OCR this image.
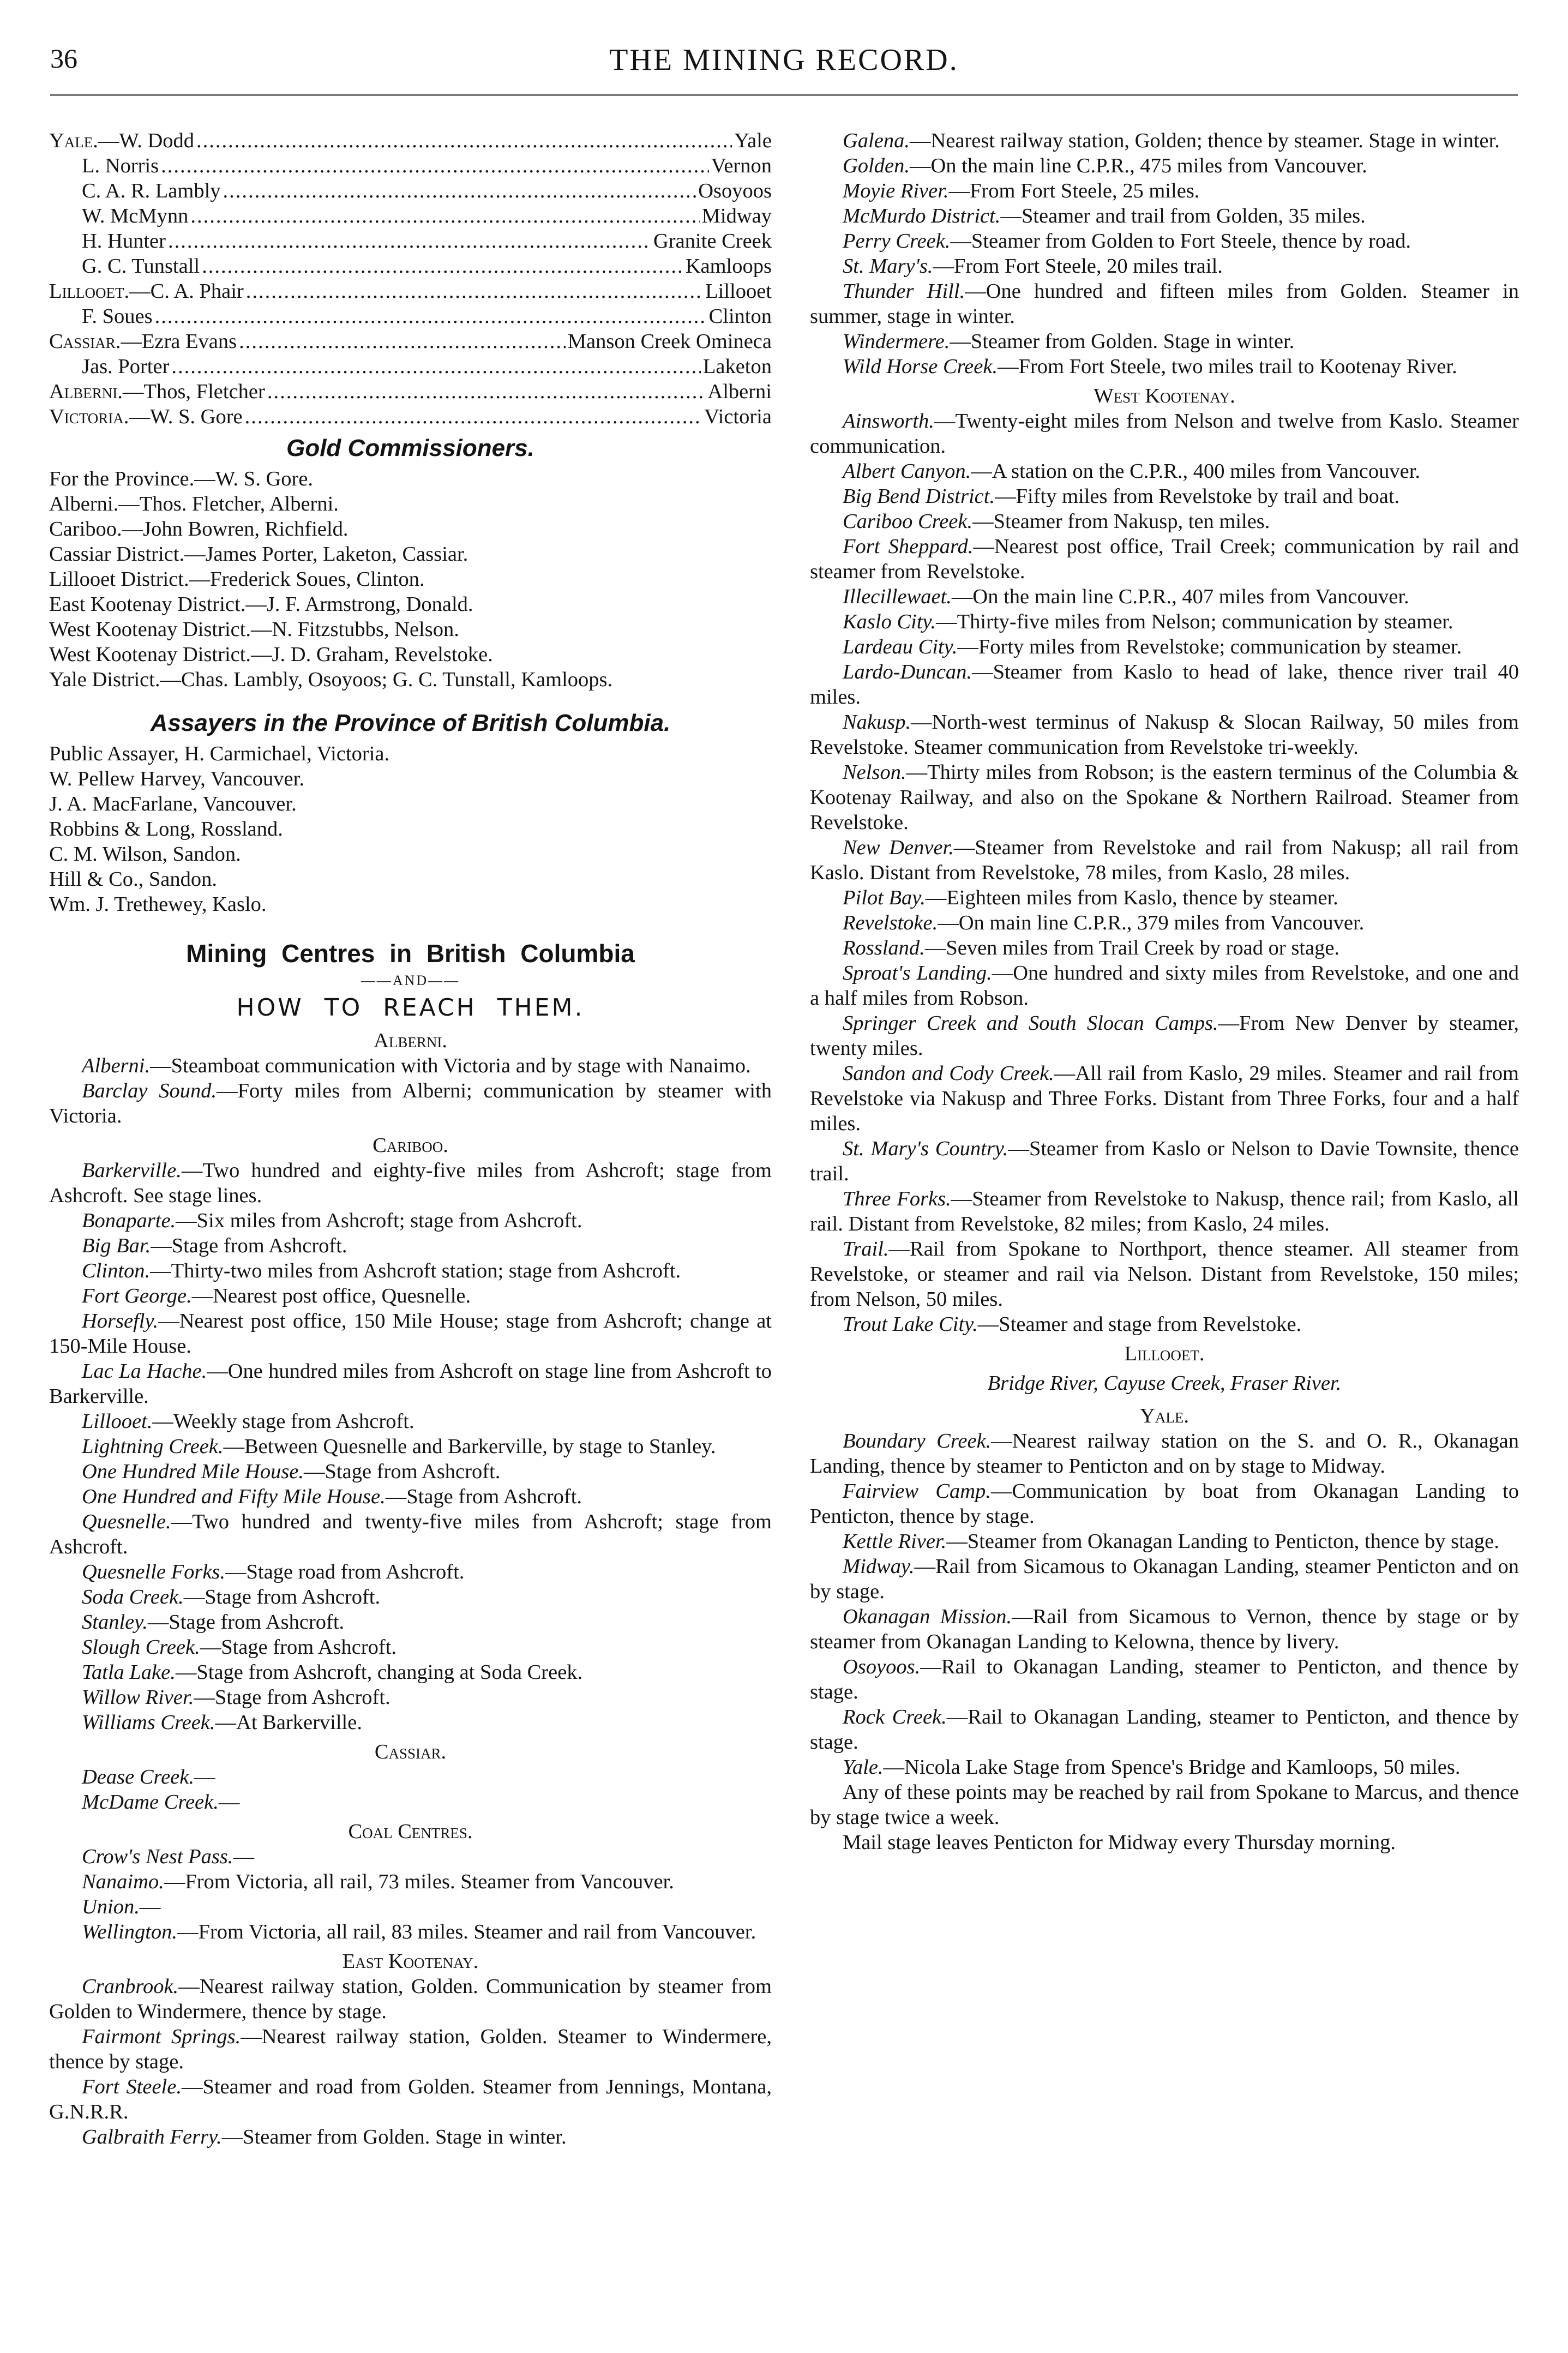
36	THE MINING RECORD.
Yale.—W. Dodd .....	Yale
L. Norris .....	Vernon
C. A. R. Lambly .....	Osoyoos
W. McMynn .....	Midway
H. Hunter .....	Granite Creek
G. C. Tunstall .....	Kamloops
Lillooet.—C. A. Phair .....	Lillooet
F. Soues .....	Clinton
Cassiar.—Ezra Evans .....	Manson Creek Omineca
Jas. Porter .....	Laketon
Alberni.—Thos, Fletcher .....	Alberni
Victoria.—W. S. Gore .....	Victoria
Gold Commissioners.
For the Province.—W. S. Gore.
Alberni.—Thos. Fletcher, Alberni.
Cariboo.—John Bowren, Richfield.
Cassiar District.—James Porter, Laketon, Cassiar.
Lillooet District.—Frederick Soues, Clinton.
East Kootenay District.—J. F. Armstrong, Donald.
West Kootenay District.—N. Fitzstubbs, Nelson.
West Kootenay District.—J. D. Graham, Revelstoke.
Yale District.—Chas. Lambly, Osoyoos; G. C. Tunstall, Kamloops.
Assayers in the Province of British Columbia.
Public Assayer, H. Carmichael, Victoria.
W. Pellew Harvey, Vancouver.
J. A. MacFarlane, Vancouver.
Robbins & Long, Rossland.
C. M. Wilson, Sandon.
Hill & Co., Sandon.
Wm. J. Trethewey, Kaslo.
Mining Centres in British Columbia
——AND——
HOW TO REACH THEM.
Alberni.
Alberni.—Steamboat communication with Victoria and by stage with Nanaimo.
Barclay Sound.—Forty miles from Alberni; communication by steamer with Victoria.
Cariboo.
Barkerville.—Two hundred and eighty-five miles from Ashcroft; stage from Ashcroft. See stage lines.
Bonaparte.—Six miles from Ashcroft; stage from Ashcroft.
Big Bar.—Stage from Ashcroft.
Clinton.—Thirty-two miles from Ashcroft station; stage from Ashcroft.
Fort George.—Nearest post office, Quesnelle.
Horsefly.—Nearest post office, 150 Mile House; stage from Ashcroft; change at 150-Mile House.
Lac La Hache.—One hundred miles from Ashcroft on stage line from Ashcroft to Barkerville.
Lillooet.—Weekly stage from Ashcroft.
Lightning Creek.—Between Quesnelle and Barkerville, by stage to Stanley.
One Hundred Mile House.—Stage from Ashcroft.
One Hundred and Fifty Mile House.—Stage from Ashcroft.
Quesnelle.—Two hundred and twenty-five miles from Ashcroft; stage from Ashcroft.
Quesnelle Forks.—Stage road from Ashcroft.
Soda Creek.—Stage from Ashcroft.
Stanley.—Stage from Ashcroft.
Slough Creek.—Stage from Ashcroft.
Tatla Lake.—Stage from Ashcroft, changing at Soda Creek.
Willow River.—Stage from Ashcroft.
Williams Creek.—At Barkerville.
Cassiar.
Dease Creek.—
McDame Creek.—
Coal Centres.
Crow's Nest Pass.—
Nanaimo.—From Victoria, all rail, 73 miles. Steamer from Vancouver.
Union.—
Wellington.—From Victoria, all rail, 83 miles. Steamer and rail from Vancouver.
East Kootenay.
Cranbrook.—Nearest railway station, Golden. Communication by steamer from Golden to Windermere, thence by stage.
Fairmont Springs.—Nearest railway station, Golden. Steamer to Windermere, thence by stage.
Fort Steele.—Steamer and road from Golden. Steamer from Jennings, Montana, G.N.R.R.
Galbraith Ferry.—Steamer from Golden. Stage in winter.
Galena.—Nearest railway station, Golden; thence by steamer. Stage in winter.
Golden.—On the main line C.P.R., 475 miles from Vancouver.
Moyie River.—From Fort Steele, 25 miles.
McMurdo District.—Steamer and trail from Golden, 35 miles.
Perry Creek.—Steamer from Golden to Fort Steele, thence by road.
St. Mary's.—From Fort Steele, 20 miles trail.
Thunder Hill.—One hundred and fifteen miles from Golden. Steamer in summer, stage in winter.
Windermere.—Steamer from Golden. Stage in winter.
Wild Horse Creek.—From Fort Steele, two miles trail to Kootenay River.
West Kootenay.
Ainsworth.—Twenty-eight miles from Nelson and twelve from Kaslo. Steamer communication.
Albert Canyon.—A station on the C.P.R., 400 miles from Vancouver.
Big Bend District.—Fifty miles from Revelstoke by trail and boat.
Cariboo Creek.—Steamer from Nakusp, ten miles.
Fort Sheppard.—Nearest post office, Trail Creek; communication by rail and steamer from Revelstoke.
Illecillewaet.—On the main line C.P.R., 407 miles from Vancouver.
Kaslo City.—Thirty-five miles from Nelson; communication by steamer.
Lardeau City.—Forty miles from Revelstoke; communication by steamer.
Lardo-Duncan.—Steamer from Kaslo to head of lake, thence river trail 40 miles.
Nakusp.—North-west terminus of Nakusp & Slocan Railway, 50 miles from Revelstoke. Steamer communication from Revelstoke tri-weekly.
Nelson.—Thirty miles from Robson; is the eastern terminus of the Columbia & Kootenay Railway, and also on the Spokane & Northern Railroad. Steamer from Revelstoke.
New Denver.—Steamer from Revelstoke and rail from Nakusp; all rail from Kaslo. Distant from Revelstoke, 78 miles, from Kaslo, 28 miles.
Pilot Bay.—Eighteen miles from Kaslo, thence by steamer.
Revelstoke.—On main line C.P.R., 379 miles from Vancouver.
Rossland.—Seven miles from Trail Creek by road or stage.
Sproat's Landing.—One hundred and sixty miles from Revelstoke, and one and a half miles from Robson.
Springer Creek and South Slocan Camps.—From New Denver by steamer, twenty miles.
Sandon and Cody Creek.—All rail from Kaslo, 29 miles. Steamer and rail from Revelstoke via Nakusp and Three Forks. Distant from Three Forks, four and a half miles.
St. Mary's Country.—Steamer from Kaslo or Nelson to Davie Townsite, thence trail.
Three Forks.—Steamer from Revelstoke to Nakusp, thence rail; from Kaslo, all rail. Distant from Revelstoke, 82 miles; from Kaslo, 24 miles.
Trail.—Rail from Spokane to Northport, thence steamer. All steamer from Revelstoke, or steamer and rail via Nelson. Distant from Revelstoke, 150 miles; from Nelson, 50 miles.
Trout Lake City.—Steamer and stage from Revelstoke.
Lillooet.
Bridge River, Cayuse Creek, Fraser River.
Yale.
Boundary Creek.—Nearest railway station on the S. and O. R., Okanagan Landing, thence by steamer to Penticton and on by stage to Midway.
Fairview Camp.—Communication by boat from Okanagan Landing to Penticton, thence by stage.
Kettle River.—Steamer from Okanagan Landing to Penticton, thence by stage.
Midway.—Rail from Sicamous to Okanagan Landing, steamer Penticton and on by stage.
Okanagan Mission.—Rail from Sicamous to Vernon, thence by stage or by steamer from Okanagan Landing to Kelowna, thence by livery.
Osoyoos.—Rail to Okanagan Landing, steamer to Penticton, and thence by stage.
Rock Creek.—Rail to Okanagan Landing, steamer to Penticton, and thence by stage.
Yale.—Nicola Lake Stage from Spence's Bridge and Kamloops, 50 miles.
Any of these points may be reached by rail from Spokane to Marcus, and thence by stage twice a week.
Mail stage leaves Penticton for Midway every Thursday morning.
